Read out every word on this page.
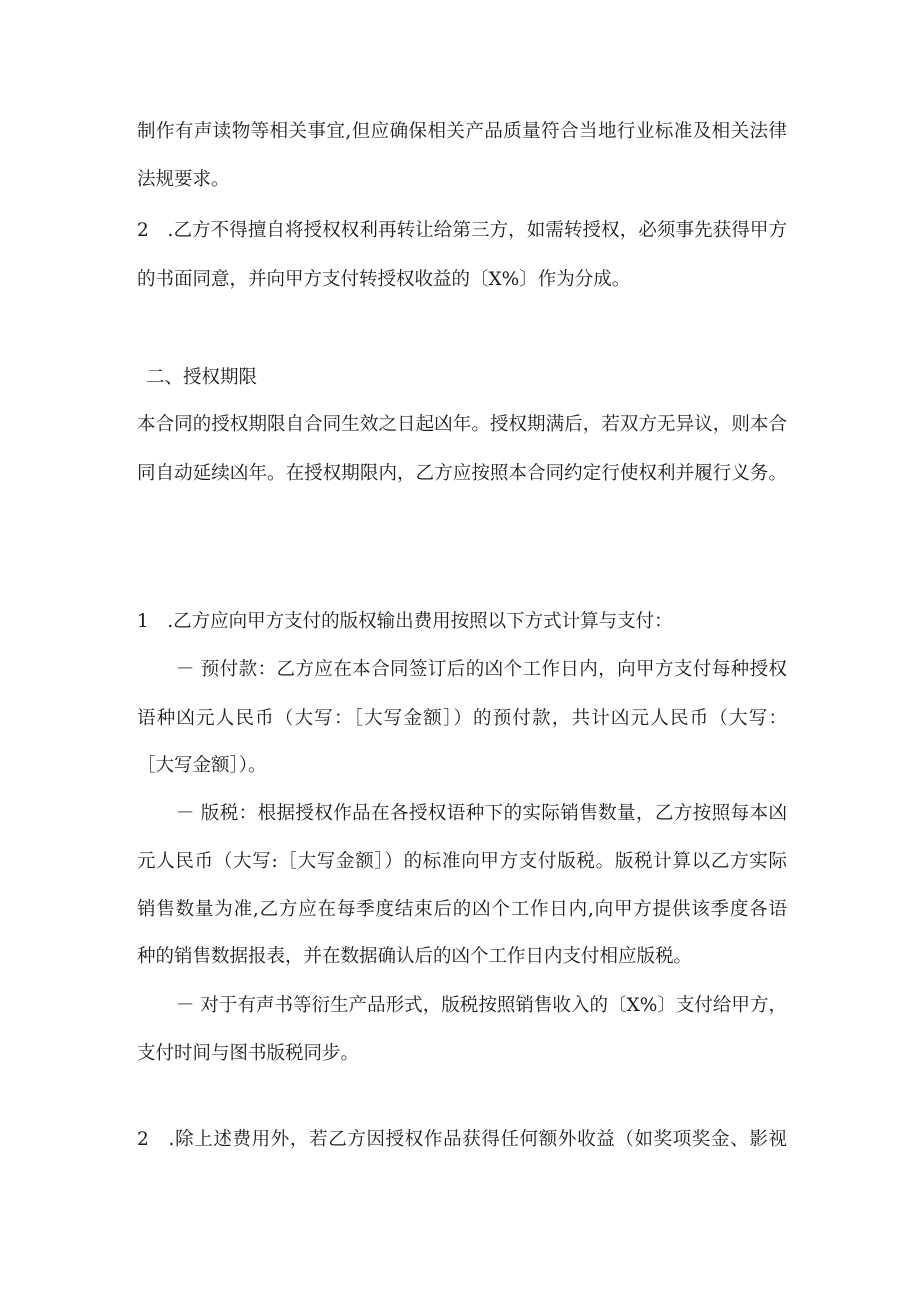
制作有声读物等相关事宜,但应确保相关产品质量符合当地行业标准及相关法律
法规要求。
2　.乙方不得擅自将授权权利再转让给第三方，如需转授权，必须事先获得甲方
的书面同意，并向甲方支付转授权收益的〔X%〕作为分成。
二、授权期限
本合同的授权期限自合同生效之日起凶年。授权期满后，若双方无异议，则本合
同自动延续凶年。在授权期限内，乙方应按照本合同约定行使权利并履行义务。
1　.乙方应向甲方支付的版权输出费用按照以下方式计算与支付：
－ 预付款：乙方应在本合同签订后的凶个工作日内，向甲方支付每种授权
语种凶元人民币（大写：［大写金额］）的预付款，共计凶元人民币（大写：
［大写金额］）。
－ 版税：根据授权作品在各授权语种下的实际销售数量，乙方按照每本凶
元人民币（大写:［大写金额］）的标准向甲方支付版税。版税计算以乙方实际
销售数量为准,乙方应在每季度结束后的凶个工作日内,向甲方提供该季度各语
种的销售数据报表，并在数据确认后的凶个工作日内支付相应版税。
－ 对于有声书等衍生产品形式，版税按照销售收入的〔X%〕支付给甲方，
支付时间与图书版税同步。
2　.除上述费用外，若乙方因授权作品获得任何额外收益（如奖项奖金、影视
